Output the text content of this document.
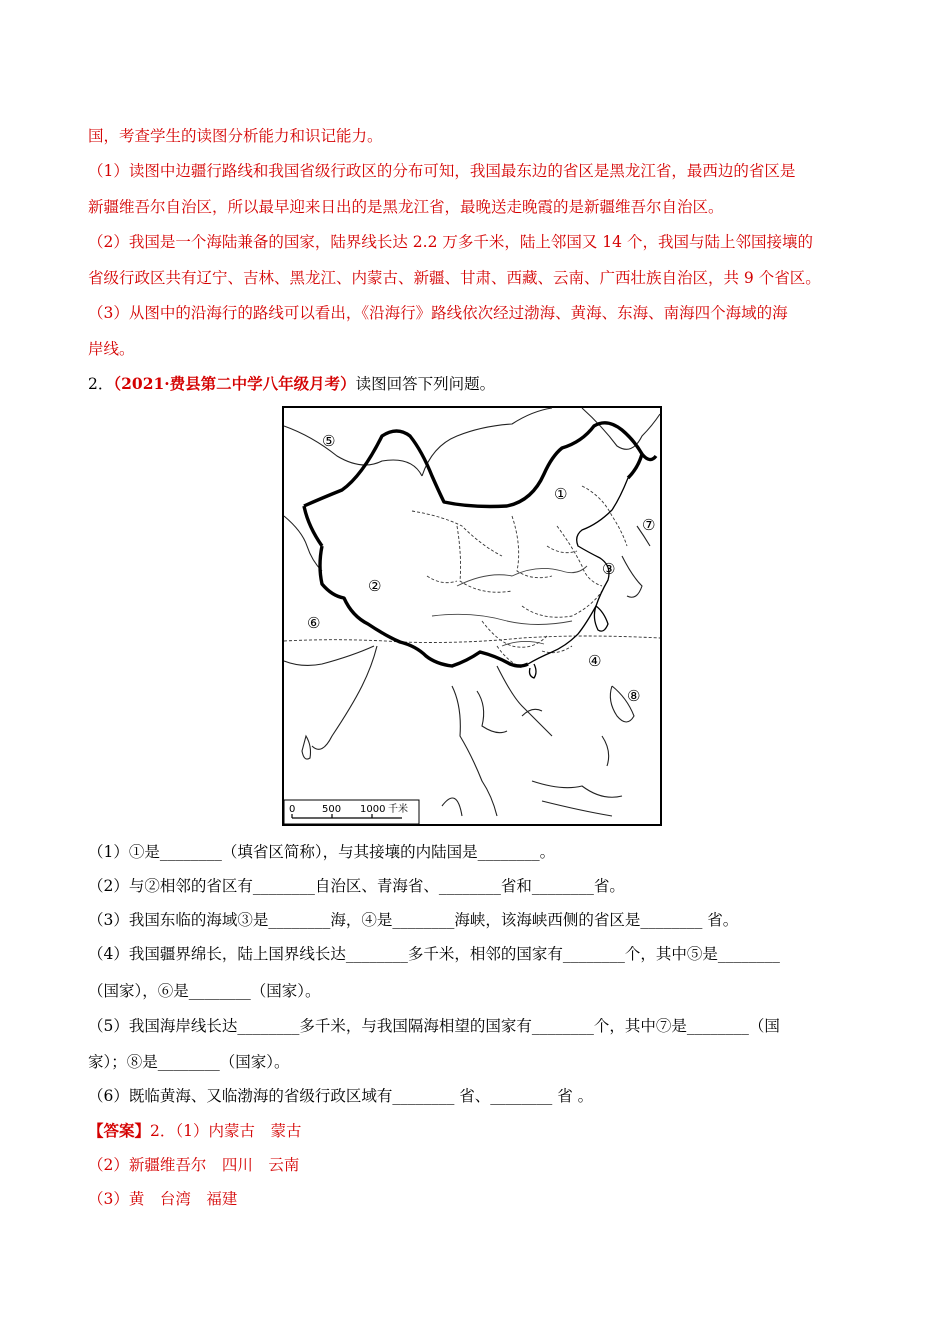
国，考查学生的读图分析能力和识记能力。
（1）读图中边疆行路线和我国省级行政区的分布可知，我国最东边的省区是黑龙江省，最西边的省区是
新疆维吾尔自治区，所以最早迎来日出的是黑龙江省，最晚送走晚霞的是新疆维吾尔自治区。
（2）我国是一个海陆兼备的国家，陆界线长达 2.2 万多千米，陆上邻国又 14 个，我国与陆上邻国接壤的
省级行政区共有辽宁、吉林、黑龙江、内蒙古、新疆、甘肃、西藏、云南、广西壮族自治区，共 9 个省区。
（3）从图中的沿海行的路线可以看出，《沿海行》路线依次经过渤海、黄海、东海、南海四个海域的海
岸线。
2．（2021·费县第二中学八年级月考）读图回答下列问题。
⑤
①
⑦
③
②
⑥
④
⑧
0	500 1000 千米
（1）①是________（填省区简称），与其接壤的内陆国是________。
（2）与②相邻的省区有________自治区、青海省、________省和________省。
（3）我国东临的海域③是________海，④是________海峡，该海峡西侧的省区是________ 省。
（4）我国疆界绵长，陆上国界线长达________多千米，相邻的国家有________个，其中⑤是________
（国家），⑥是________（国家）。
（5）我国海岸线长达________多千米，与我国隔海相望的国家有________个，其中⑦是________（国
家）；⑧是________（国家）。
（6）既临黄海、又临渤海的省级行政区域有________ 省、________ 省 。
【答案】2．（1）内蒙古　蒙古
（2）新疆维吾尔　四川　云南
（3）黄　台湾　福建
